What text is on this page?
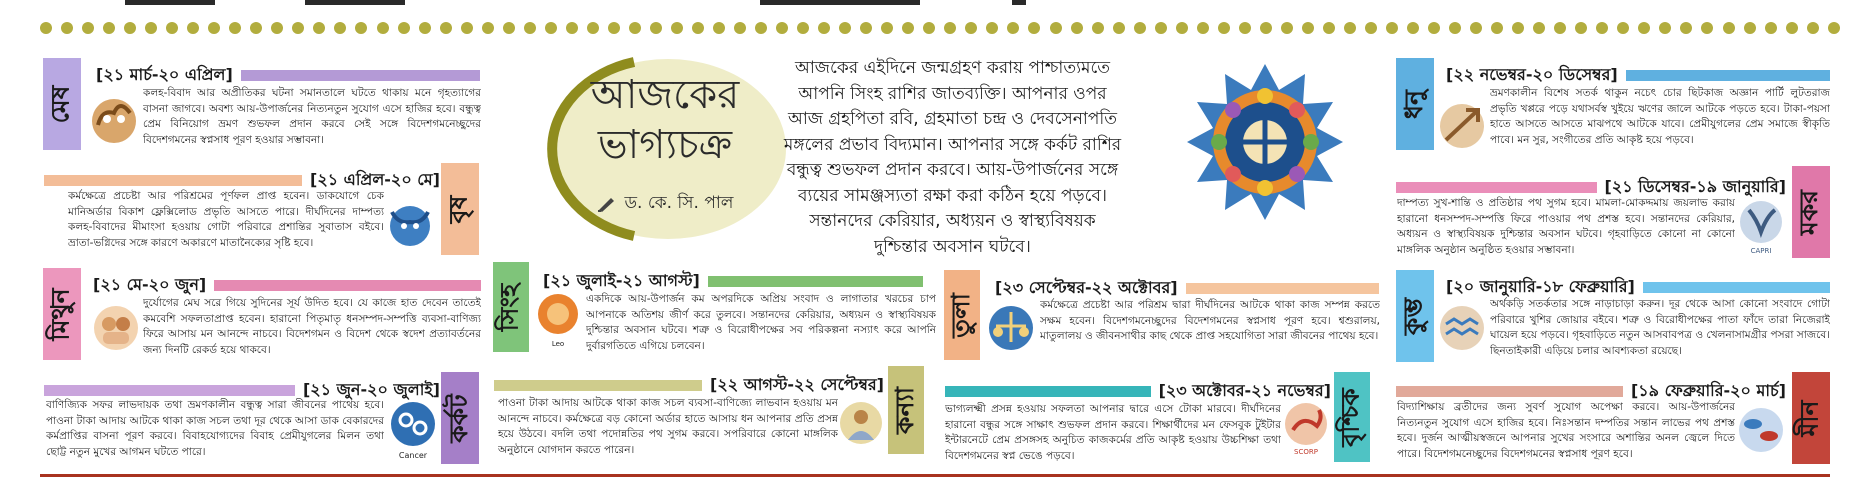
মেষ
[২১ মার্চ-২০ এপ্রিল]
কলহ-বিবাদ আর অপ্রীতিকর ঘটনা সমানতালে ঘটতে থাকায় মনে গৃহত্যাগের বাসনা জাগবে। অবশ্য আয়-উপার্জনের নিত্যনতুন সুযোগ এসে হাজির হবে। বন্ধুত্ব প্রেম বিনিয়োগ ভ্রমণ শুভফল প্রদান করবে সেই সঙ্গে বিদেশগমনেচ্ছুদের বিদেশগমনের স্বপ্নসাধ পূরণ হওয়ার সম্ভাবনা।
[২১ এপ্রিল-২০ মে]
বৃষ
কর্মক্ষেত্রে প্রচেষ্টা আর পরিশ্রমের পূর্ণফল প্রাপ্ত হবেন। ডাকযোগে চেক মানিঅর্ডার বিকাশ ফ্লেক্সিলোড প্রভৃতি আসতে পারে। দীর্ঘদিনের দাম্পত্য কলহ-বিবাদের মীমাংসা হওয়ায় গোটা পরিবারে প্রশান্তির সুবাতাস বইবে। ভ্রাতা-ভগ্নিদের সঙ্গে কারণে অকারণে মাতানৈক্যের সৃষ্টি হবে।
মিথুন
[২১ মে-২০ জুন]
দুর্যোগের মেঘ সরে গিয়ে সুদিনের সূর্য উদিত হবে। যে কাজে হাত দেবেন তাতেই কমবেশি সফলতাপ্রাপ্ত হবেন। হারানো পিতৃমাতৃ ধনসম্পদ-সম্পত্তি ব্যবসা-বাণিজ্য ফিরে আসায় মন আনন্দে নাচবে। বিদেশগমন ও বিদেশ থেকে স্বদেশ প্রত্যাবর্তনের জন্য দিনটি রেকর্ড হয়ে থাকবে।
[২১ জুন-২০ জুলাই]
কর্কট
Cancer
বাণিজ্যিক সফর লাভদায়ক তথা ভ্রমণকালীন বন্ধুত্ব সারা জীবনের পাথেয় হবে। পাওনা টাকা আদায় আটকে থাকা কাজ সচল তথা দূর থেকে আসা ডাক বেকারদের কর্মপ্রাপ্তির বাসনা পূরণ করবে। বিবাহযোগ্যদের বিবাহ প্রেমীযুগলের মিলন তথা ছোট্ট নতুন মুখের আগমন ঘটতে পারে।
আজকের
ভাগ্যচক্র
ড. কে. সি. পাল
আজকের এইদিনে জন্মগ্রহণ করায় পাশ্চাত্যমতে আপনি সিংহ রাশির জাতব্যক্তি। আপনার ওপর আজ গ্রহপিতা রবি, গ্রহমাতা চন্দ্র ও দেবসেনাপতি মঙ্গলের প্রভাব বিদ্যমান। আপনার সঙ্গে কর্কট রাশির বন্ধুত্ব শুভফল প্রদান করবে। আয়-উপার্জনের সঙ্গে ব্যয়ের সামঞ্জস্যতা রক্ষা করা কঠিন হয়ে পড়বে। সন্তানদের কেরিয়ার, অধ্যয়ন ও স্বাস্থ্যবিষয়ক দুশ্চিন্তার অবসান ঘটবে।
সিংহ
[২১ জুলাই-২১ আগস্ট]
Leo
একদিকে আয়-উপার্জন কম অপরদিকে অপ্রিয় সংবাদ ও লাগাতার খরচের চাপ আপনাকে অতিশয় জীর্ণ করে তুলবে। সন্তানদের কেরিয়ার, অধ্যয়ন ও স্বাস্থ্যবিষয়ক দুশ্চিন্তার অবসান ঘটবে। শত্রু ও বিরোধীপক্ষের সব পরিকল্পনা নস্যাৎ করে আপনি দুর্বারগতিতে এগিয়ে চলবেন।
[২২ আগস্ট-২২ সেপ্টেম্বর]
কন্যা
পাওনা টাকা আদায় আটকে থাকা কাজ সচল ব্যবসা-বাণিজ্যে লাভবান হওয়ায় মন আনন্দে নাচবে। কর্মক্ষেত্রে বড় কোনো অর্ডার হাতে আসায় ধন আপনার প্রতি প্রসন্ন হয়ে উঠবে। বদলি তথা পদোন্নতির পথ সুগম করবে। সপরিবারে কোনো মাঙ্গলিক অনুষ্ঠানে যোগদান করতে পারেন।
তুলা
[২৩ সেপ্টেম্বর-২২ অক্টোবর]
কর্মক্ষেত্রে প্রচেষ্টা আর পরিশ্রম দ্বারা দীর্ঘদিনের আটকে থাকা কাজ সম্পন্ন করতে সক্ষম হবেন। বিদেশগমনেচ্ছুদের বিদেশগমনের স্বপ্নসাধ পূরণ হবে। শ্বশুরালয়, মাতুলালয় ও জীবনসাথীর কাছ থেকে প্রাপ্ত সহযোগিতা সারা জীবনের পাথেয় হবে।
[২৩ অক্টোবর-২১ নভেম্বর] বৃশ্চিক
SCORP
ভাগ্যলক্ষ্মী প্রসন্ন হওয়ায় সফলতা আপনার দ্বারে এসে টোকা মারবে। দীর্ঘদিনের হারানো বন্ধুর সঙ্গে সাক্ষাৎ শুভফল প্রদান করবে। শিক্ষার্থীদের মন ফেসবুক টুইটার ইন্টারনেটে প্রেম প্রসঙ্গসহ অনুচিত কাজকর্মের প্রতি আকৃষ্ট হওয়ায় উচ্চশিক্ষা তথা বিদেশগমনের স্বপ্ন ভেঙে পড়বে।
ধনু
[২২ নভেম্বর-২০ ডিসেম্বর]
ভ্রমণকালীন বিশেষ সতর্ক থাকুন নচেৎ চোর ছিটকাজ অজ্ঞান পার্টি লুটতরাজ প্রভৃতি খপ্পরে পড়ে যথাসর্বস্ব খুইয়ে ঋণের জালে আটকে পড়তে হবে। টাকা-পয়সা হাতে আসতে আসতে মাঝপথে আটকে যাবে। প্রেমীযুগলের প্রেম সমাজে স্বীকৃতি পাবে। মন সুর, সংগীতের প্রতি আকৃষ্ট হয়ে পড়বে।
[২১ ডিসেম্বর-১৯ জানুয়ারি]
মকর
CAPRI
দাম্পত্য সুখ-শান্তি ও প্রতিষ্ঠার পথ সুগম হবে। মামলা-মোকদ্দমায় জয়লাভ করায় হারানো ধনসম্পদ-সম্পত্তি ফিরে পাওয়ার পথ প্রশস্ত হবে। সন্তানদের কেরিয়ার, অধ্যয়ন ও স্বাস্থ্যবিষয়ক দুশ্চিন্তার অবসান ঘটবে। গৃহবাড়িতে কোনো না কোনো মাঙ্গলিক অনুষ্ঠান অনুষ্ঠিত হওয়ার সম্ভাবনা।
কুম্ভ
[২০ জানুয়ারি-১৮ ফেব্রুয়ারি]
অর্থকড়ি সতর্কতার সঙ্গে নাড়াচাড়া করুন। দূর থেকে আসা কোনো সংবাদে গোটা পরিবারে খুশির জোয়ার বইবে। শত্রু ও বিরোধীপক্ষের পাতা ফাঁদে তারা নিজেরাই ঘায়েল হয়ে পড়বে। গৃহবাড়িতে নতুন আসবাবপত্র ও খেলনাসামগ্রীর পসরা সাজবে। ছিনতাইকারী এড়িয়ে চলার আবশ্যকতা রয়েছে।
[১৯ ফেব্রুয়ারি-২০ মার্চ]
মীন
বিদ্যাশিক্ষায় ব্রতীদের জন্য সুবর্ণ সুযোগ অপেক্ষা করবে। আয়-উপার্জনের নিত্যনতুন সুযোগ এসে হাজির হবে। নিঃসন্তান দম্পতির সন্তান লাভের পথ প্রশস্ত হবে। দুর্জন আত্মীয়স্বজনে আপনার সুখের সংসারে অশান্তির অনল জ্বেলে দিতে পারে। বিদেশগমনেচ্ছুদের বিদেশগমনের স্বপ্নসাধ পূরণ হবে।
